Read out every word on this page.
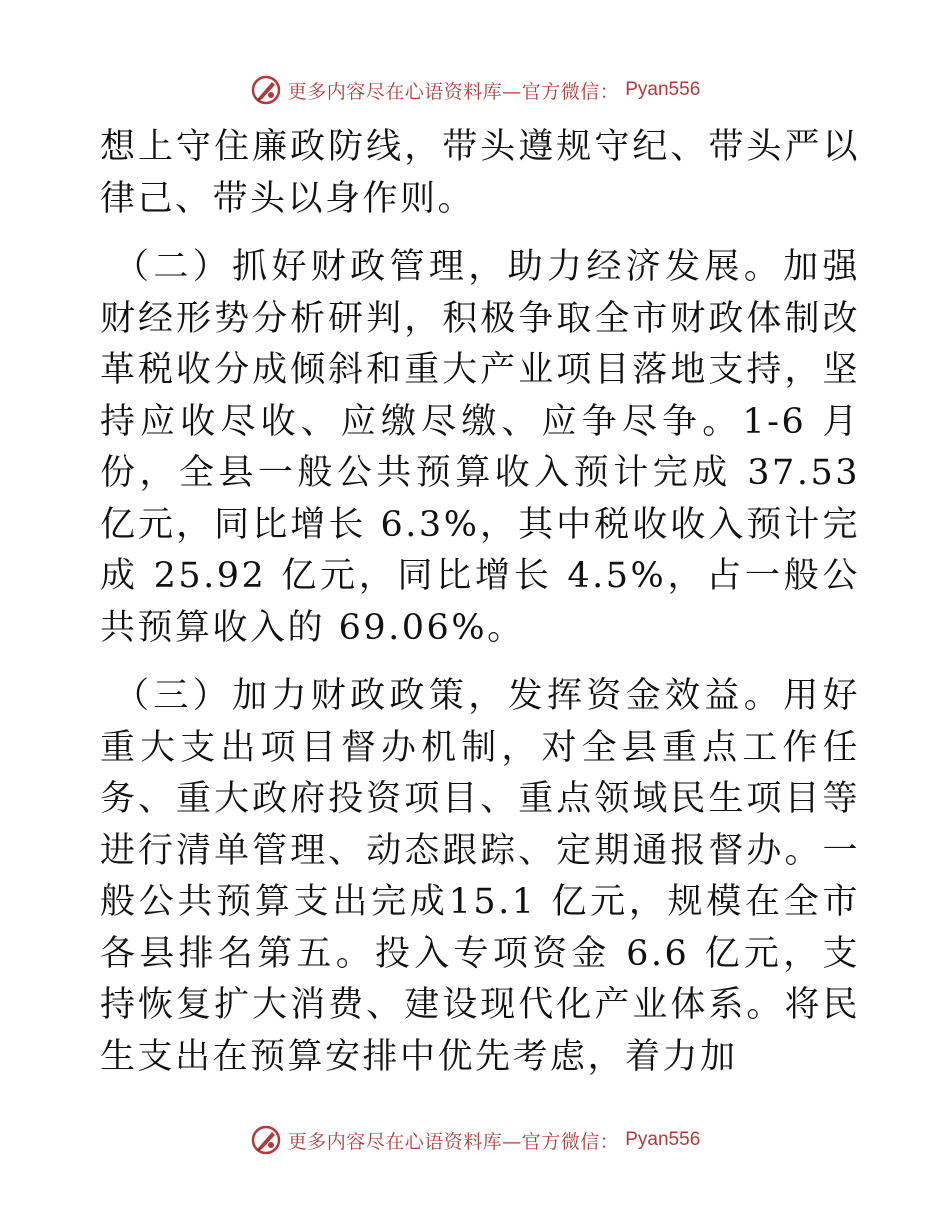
更多内容尽在心语资料库—官方微信： Pyan556

想上守住廉政防线，带头遵规守纪、带头严以律己、带头以身作则。

（二）抓好财政管理，助力经济发展。加强财经形势分析研判，积极争取全市财政体制改革税收分成倾斜和重大产业项目落地支持，坚持应收尽收、应缴尽缴、应争尽争。1-6 月份，全县一般公共预算收入预计完成 37.53 亿元，同比增长 6.3%，其中税收收入预计完成 25.92 亿元，同比增长 4.5%，占一般公共预算收入的 69.06%。

（三）加力财政政策，发挥资金效益。用好重大支出项目督办机制，对全县重点工作任务、重大政府投资项目、重点领域民生项目等进行清单管理、动态跟踪、定期通报督办。一般公共预算支出完成15.1 亿元，规模在全市各县排名第五。投入专项资金 6.6 亿元，支持恢复扩大消费、建设现代化产业体系。将民生支出在预算安排中优先考虑，着力加

更多内容尽在心语资料库—官方微信： Pyan556
